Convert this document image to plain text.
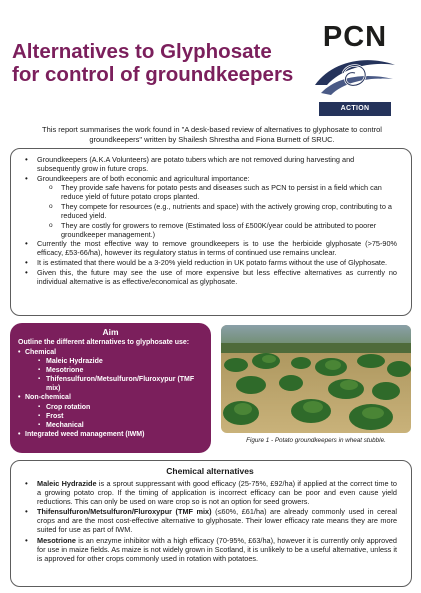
Alternatives to Glyphosate for control of groundkeepers
PCN
ACTION SCOTLAND
This report summarises the work found in "A desk-based review of alternatives to glyphosate to control groundkeepers" written by Shailesh Shrestha and Fiona Burnett of SRUC.
• Groundkeepers (A.K.A Volunteers) are potato tubers which are not removed during harvesting and subsequently grow in future crops.
• Groundkeepers are of both economic and agricultural importance:
o They provide safe havens for potato pests and diseases such as PCN to persist in a field which can reduce yield of future potato crops planted.
o They compete for resources (e.g., nutrients and space) with the actively growing crop, contributing to a reduced yield.
o They are costly for growers to remove (Estimated loss of £500K/year could be attributed to poorer groundkeeper management.)
• Currently the most effective way to remove groundkeepers is to use the herbicide glyphosate (>75-90% efficacy, £53-66/ha), however its regulatory status in terms of continued use remains unclear.
• It is estimated that there would be a 3-20% yield reduction in UK potato farms without the use of Glyphosate.
• Given this, the future may see the use of more expensive but less effective alternatives as currently no individual alternative is as effective/economical as glyphosate.
Aim
Outline the different alternatives to glyphosate use:
• Chemical
▪ Maleic Hydrazide
▪ Mesotrione
▪ Thifensulfuron/Metsulfuron/Fluroxypur (TMF mix)
• Non-chemical
▪ Crop rotation
▪ Frost
▪ Mechanical
• Integrated weed management (IWM)
Figure 1 - Potato groundkeepers in wheat stubble.
Chemical alternatives
• Maleic Hydrazide is a sprout suppressant with good efficacy (25-75%, £92/ha) if applied at the correct time to a growing potato crop. If the timing of application is incorrect efficacy can be poor and even cause yield reductions. This can only be used on ware crop so is not an option for seed growers.
• Thifensulfuron/Metsulfuron/Fluroxypur (TMF mix) (≤60%, £61/ha) are already commonly used in cereal crops and are the most cost-effective alternative to glyphosate. Their lower efficacy rate means they are more suited for use as part of IWM.
• Mesotrione is an enzyme inhibitor with a high efficacy (70-95%, £63/ha), however it is currently only approved for use in maize fields. As maize is not widely grown in Scotland, it is unlikely to be a useful alternative, unless it is approved for other crops commonly used in rotation with potatoes.
